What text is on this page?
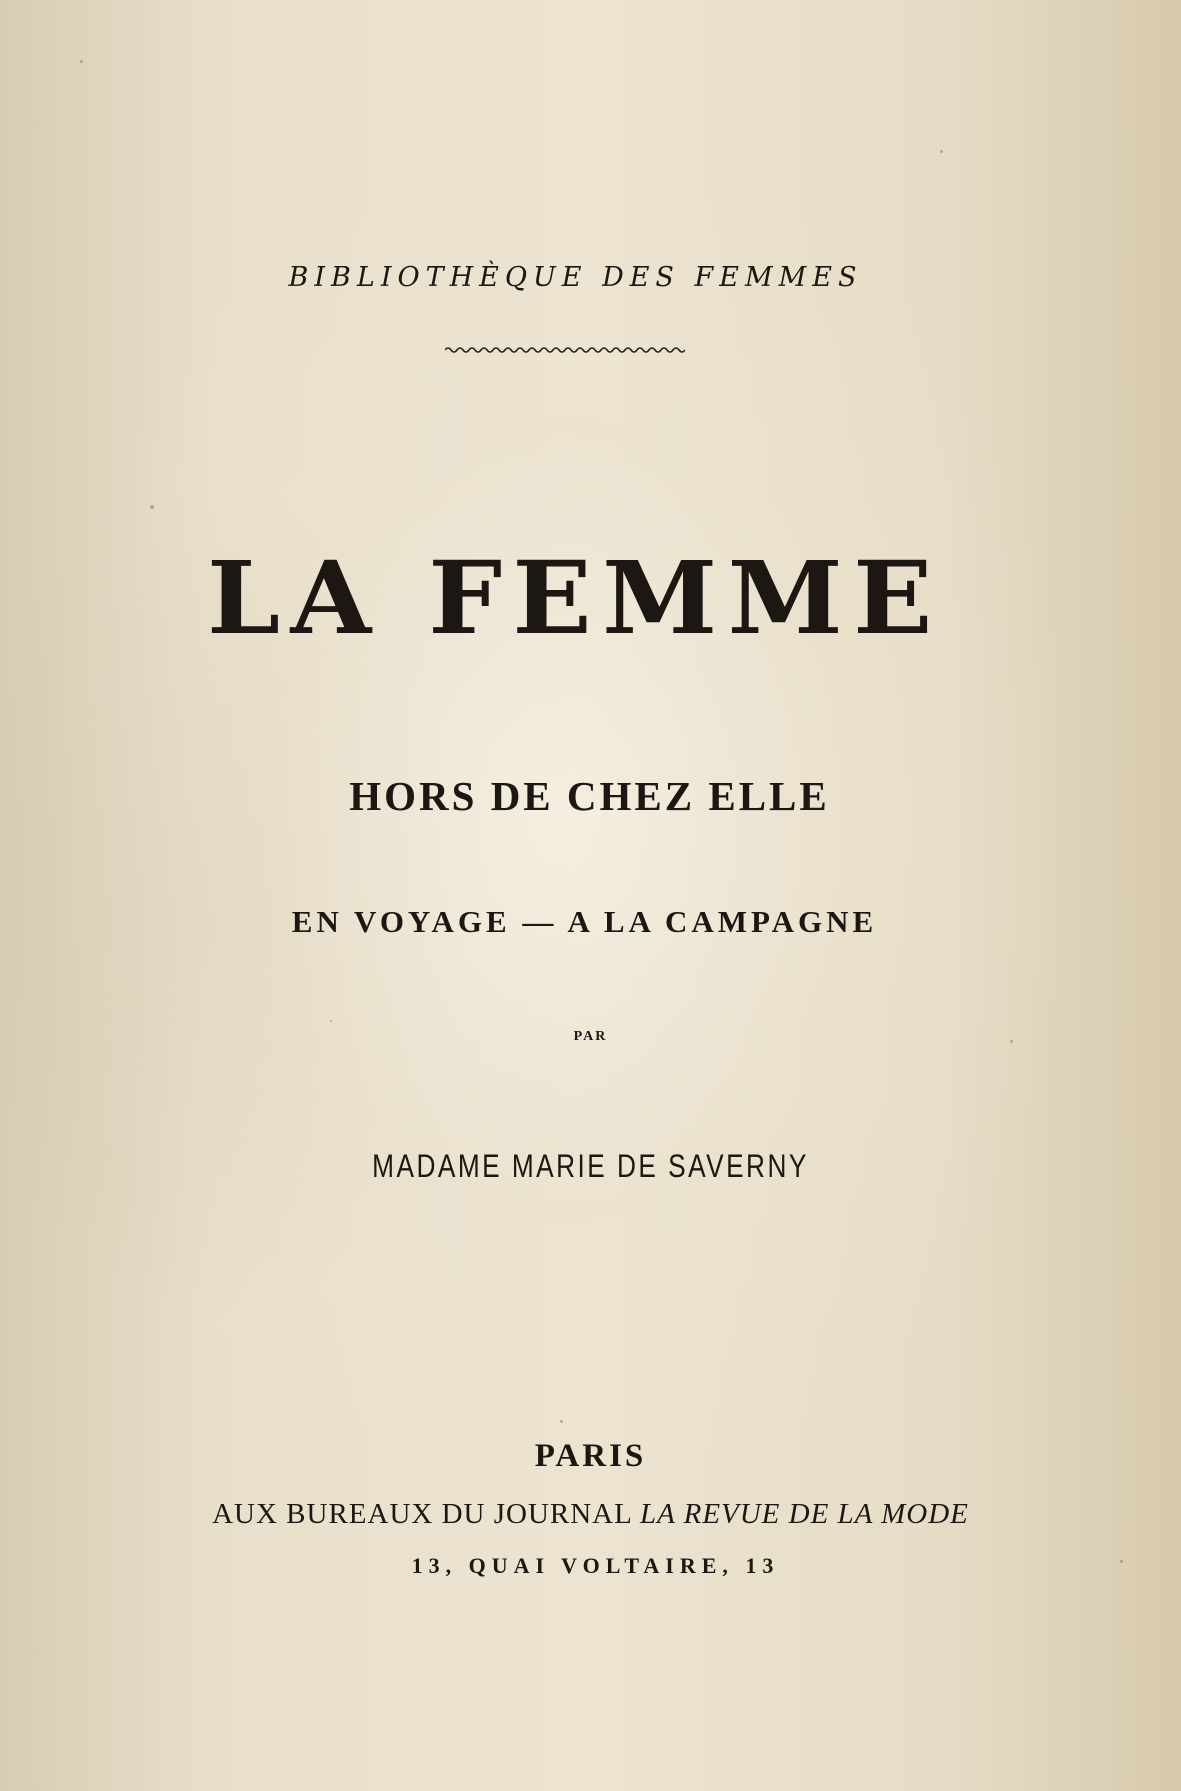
BIBLIOTHÈQUE DES FEMMES
LA FEMME
HORS DE CHEZ ELLE
EN VOYAGE — A LA CAMPAGNE
PAR
MADAME MARIE DE SAVERNY
PARIS
AUX BUREAUX DU JOURNAL LA REVUE DE LA MODE
13, QUAI VOLTAIRE, 13
